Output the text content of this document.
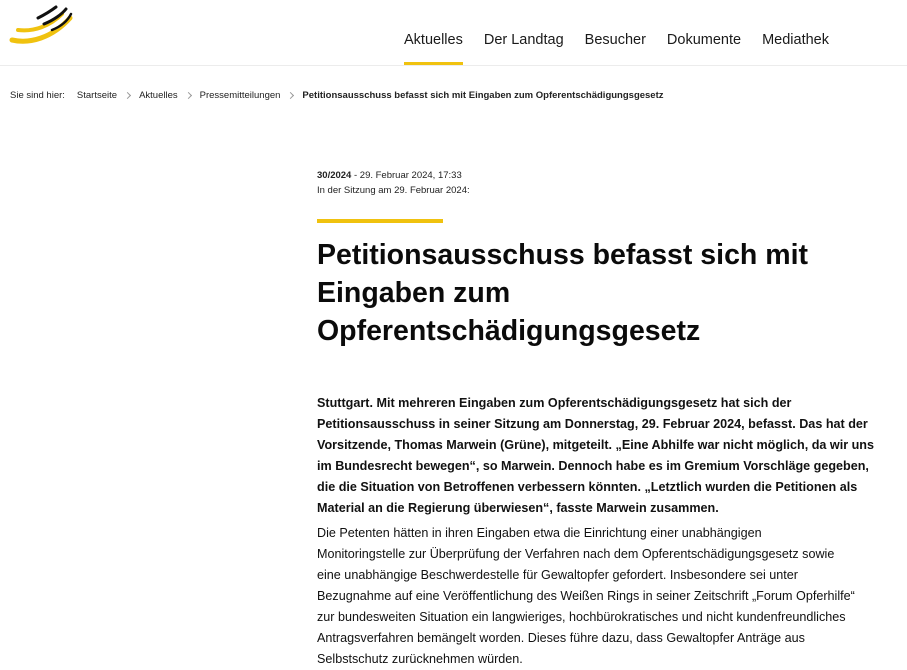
Aktuelles Der Landtag Besucher Dokumente Mediathek
Sie sind hier: Startseite Aktuelles Pressemitteilungen Petitionsausschuss befasst sich mit Eingaben zum Opferentschädigungsgesetz
30/2024 - 29. Februar 2024, 17:33
In der Sitzung am 29. Februar 2024:
Petitionsausschuss befasst sich mit
Eingaben zum
Opferentschädigungsgesetz
Stuttgart. Mit mehreren Eingaben zum Opferentschädigungsgesetz hat sich der
Petitionsausschuss in seiner Sitzung am Donnerstag, 29. Februar 2024, befasst. Das hat der
Vorsitzende, Thomas Marwein (Grüne), mitgeteilt. „Eine Abhilfe war nicht möglich, da wir uns
im Bundesrecht bewegen“, so Marwein. Dennoch habe es im Gremium Vorschläge gegeben,
die die Situation von Betroffenen verbessern könnten. „Letztlich wurden die Petitionen als
Material an die Regierung überwiesen“, fasste Marwein zusammen.
Die Petenten hätten in ihren Eingaben etwa die Einrichtung einer unabhängigen
Monitoringstelle zur Überprüfung der Verfahren nach dem Opferentschädigungsgesetz sowie
eine unabhängige Beschwerdestelle für Gewaltopfer gefordert. Insbesondere sei unter
Bezugnahme auf eine Veröffentlichung des Weißen Rings in seiner Zeitschrift „Forum Opferhilfe“
zur bundesweiten Situation ein langwieriges, hochbürokratisches und nicht kundenfreundliches
Antragsverfahren bemängelt worden. Dieses führe dazu, dass Gewaltopfer Anträge aus
Selbstschutz zurücknehmen würden.
